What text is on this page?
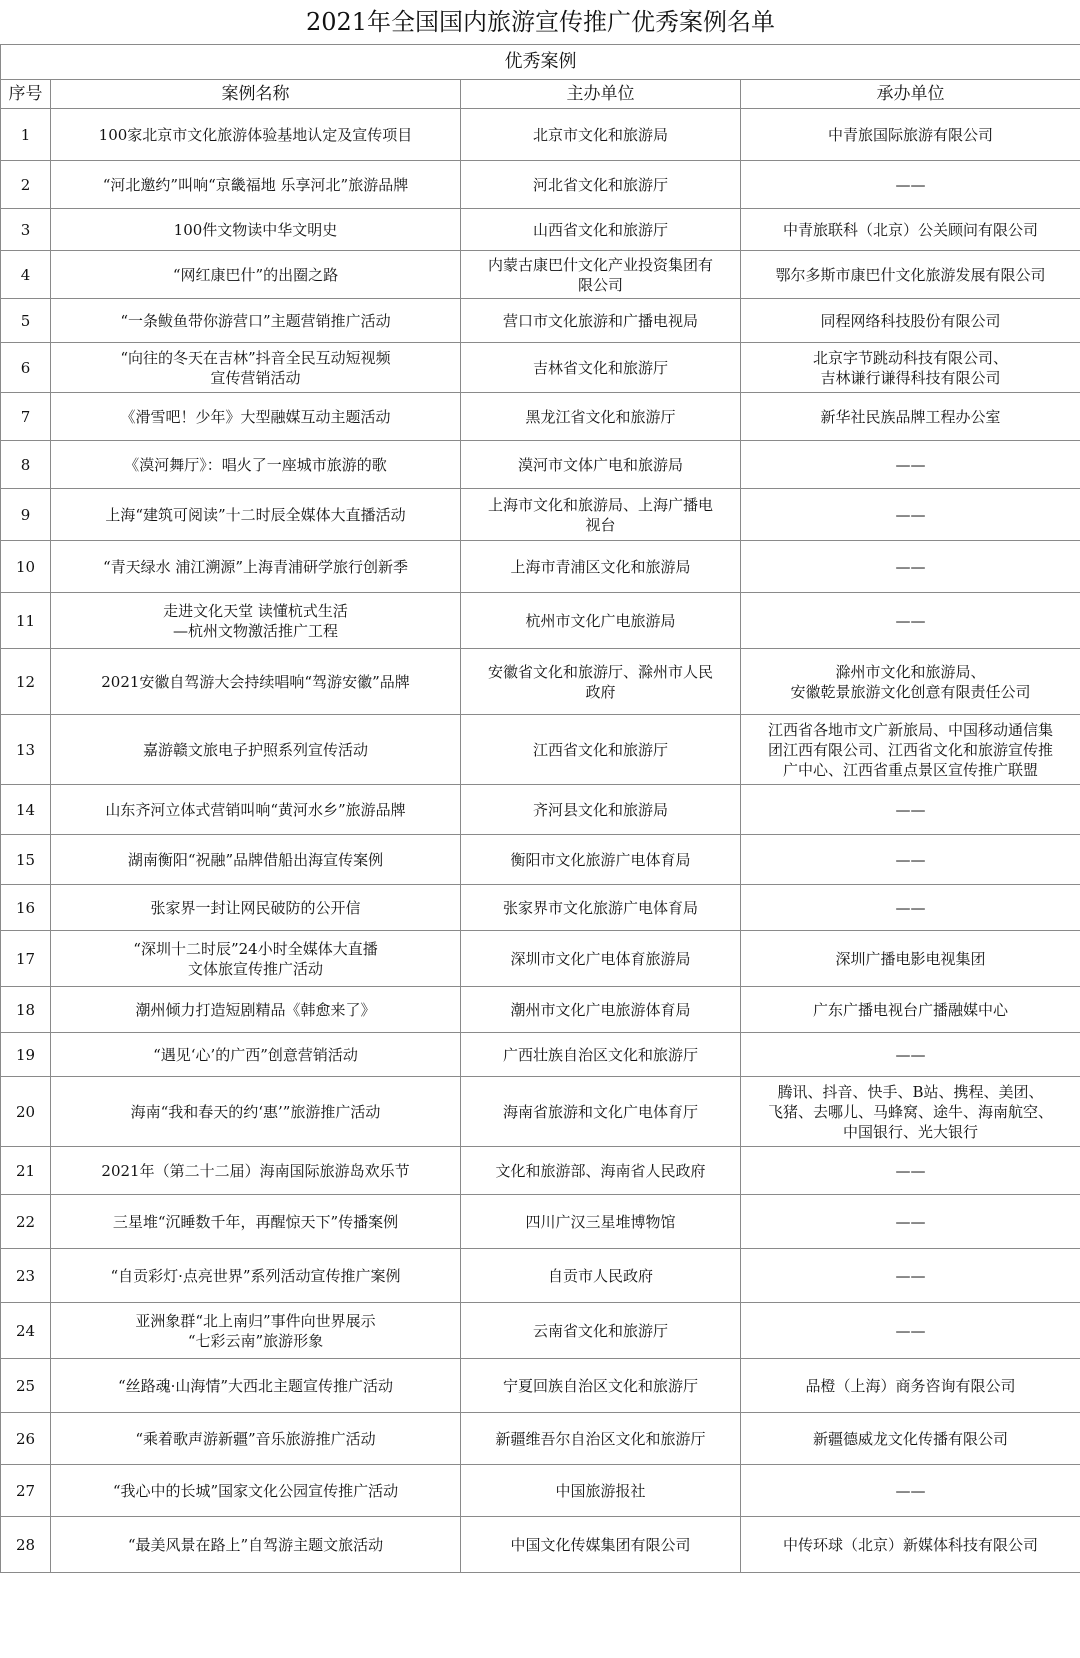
2021年全国国内旅游宣传推广优秀案例名单			
优秀案例			
序号	案例名称	主办单位	承办单位
1	100家北京市文化旅游体验基地认定及宣传项目	北京市文化和旅游局	中青旅国际旅游有限公司

2	“河北邀约”叫响“京畿福地 乐享河北”旅游品牌	河北省文化和旅游厅	——

3	100件文物读中华文明史	山西省文化和旅游厅	中青旅联科（北京）公关顾问有限公司

4	“网红康巴什”的出圈之路	内蒙古康巴什文化产业投资集团有
限公司	鄂尔多斯市康巴什文化旅游发展有限公司

5	“一条鲅鱼带你游营口”主题营销推广活动	营口市文化旅游和广播电视局	同程网络科技股份有限公司

6	“向往的冬天在吉林”抖音全民互动短视频
宣传营销活动	吉林省文化和旅游厅	北京字节跳动科技有限公司、
吉林谦行谦得科技有限公司

7	《滑雪吧！少年》大型融媒互动主题活动	黑龙江省文化和旅游厅	新华社民族品牌工程办公室

8	《漠河舞厅》：唱火了一座城市旅游的歌	漠河市文体广电和旅游局	——

9	上海“建筑可阅读”十二时辰全媒体大直播活动	上海市文化和旅游局、上海广播电
视台	——

10	“青天绿水 浦江溯源”上海青浦研学旅行创新季	上海市青浦区文化和旅游局	——

11	走进文化天堂 读懂杭式生活
—杭州文物激活推广工程	杭州市文化广电旅游局	——

12	2021安徽自驾游大会持续唱响“驾游安徽”品牌	安徽省文化和旅游厅、滁州市人民
政府	滁州市文化和旅游局、
安徽乾景旅游文化创意有限责任公司

13	嘉游赣文旅电子护照系列宣传活动	江西省文化和旅游厅	江西省各地市文广新旅局、中国移动通信集
团江西有限公司、江西省文化和旅游宣传推
广中心、江西省重点景区宣传推广联盟

14	山东齐河立体式营销叫响“黄河水乡”旅游品牌	齐河县文化和旅游局	——

15	湖南衡阳“祝融”品牌借船出海宣传案例	衡阳市文化旅游广电体育局	——

16	张家界一封让网民破防的公开信	张家界市文化旅游广电体育局	——

17	“深圳十二时辰”24小时全媒体大直播
文体旅宣传推广活动	深圳市文化广电体育旅游局	深圳广播电影电视集团

18	潮州倾力打造短剧精品《韩愈来了》	潮州市文化广电旅游体育局	广东广播电视台广播融媒中心

19	“遇见‘心’的广西”创意营销活动	广西壮族自治区文化和旅游厅	——

20	海南“我和春天的约‘惠’”旅游推广活动	海南省旅游和文化广电体育厅	腾讯、抖音、快手、B站、携程、美团、
飞猪、去哪儿、马蜂窝、途牛、海南航空、
中国银行、光大银行

21	2021年（第二十二届）海南国际旅游岛欢乐节	文化和旅游部、海南省人民政府	——

22	三星堆“沉睡数千年，再醒惊天下”传播案例	四川广汉三星堆博物馆	——

23	“自贡彩灯·点亮世界”系列活动宣传推广案例	自贡市人民政府	——

24	亚洲象群“北上南归”事件向世界展示
“七彩云南”旅游形象	云南省文化和旅游厅	——

25	“丝路魂·山海情”大西北主题宣传推广活动	宁夏回族自治区文化和旅游厅	品橙（上海）商务咨询有限公司

26	“乘着歌声游新疆”音乐旅游推广活动	新疆维吾尔自治区文化和旅游厅	新疆德威龙文化传播有限公司

27	“我心中的长城”国家文化公园宣传推广活动	中国旅游报社	——

28	“最美风景在路上”自驾游主题文旅活动	中国文化传媒集团有限公司	中传环球（北京）新媒体科技有限公司
